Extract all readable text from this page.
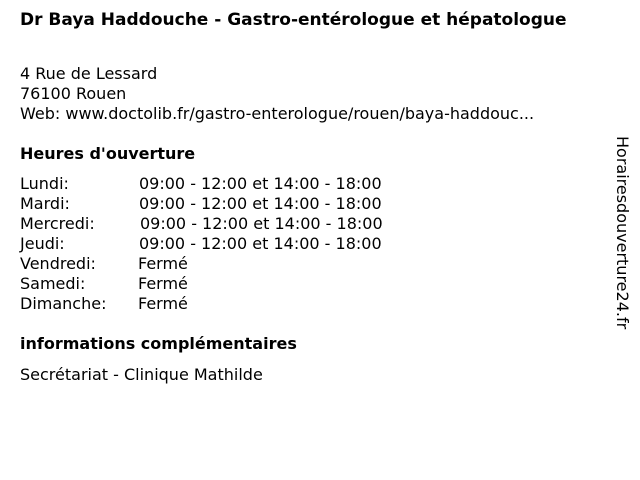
Dr Baya Haddouche - Gastro-entérologue et hépatologue
4 Rue de Lessard
76100 Rouen
Web: www.doctolib.fr/gastro-enterologue/rouen/baya-haddouc...
Heures d'ouverture
Lundi:	09:00 - 12:00 et 14:00 - 18:00
Mardi:	09:00 - 12:00 et 14:00 - 18:00
Mercredi:	09:00 - 12:00 et 14:00 - 18:00
Jeudi:	09:00 - 12:00 et 14:00 - 18:00
Vendredi:	Fermé
Samedi:	Fermé
Dimanche: Fermé
informations complémentaires
Secrétariat - Clinique Mathilde
Horairesdouverture24.fr
